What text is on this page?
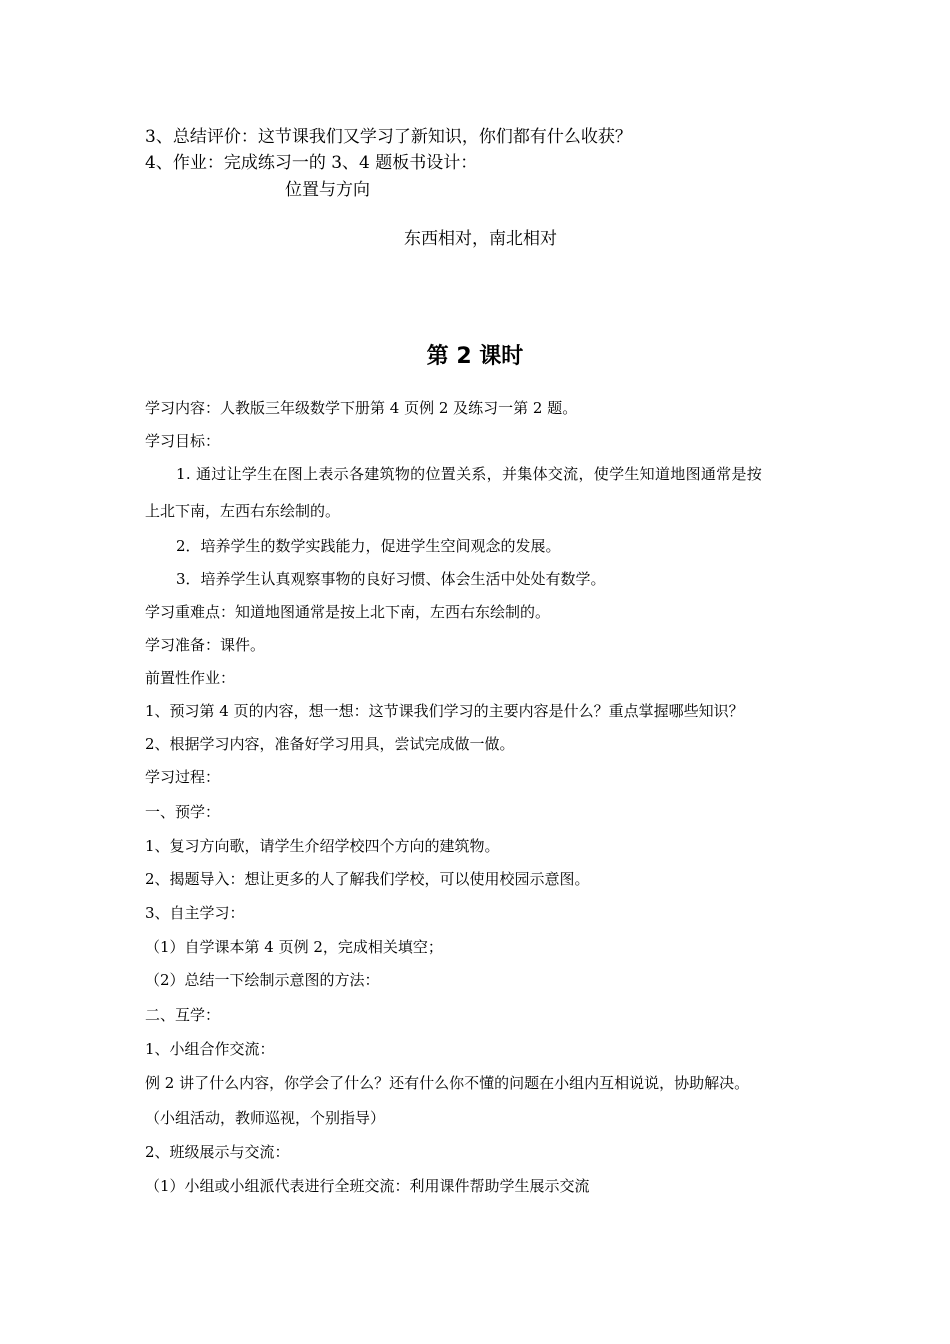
3、总结评价：这节课我们又学习了新知识，你们都有什么收获？
4、作业：完成练习一的 3、4 题板书设计：
位置与方向
东西相对，南北相对
第 2 课时
学习内容：人教版三年级数学下册第 4 页例 2 及练习一第 2 题。
学习目标：
1. 通过让学生在图上表示各建筑物的位置关系，并集体交流，使学生知道地图通常是按
上北下南，左西右东绘制的。
2．培养学生的数学实践能力，促进学生空间观念的发展。
3．培养学生认真观察事物的良好习惯、体会生活中处处有数学。
学习重难点：知道地图通常是按上北下南，左西右东绘制的。
学习准备：课件。
前置性作业：
1、预习第 4 页的内容，想一想：这节课我们学习的主要内容是什么？重点掌握哪些知识？
2、根据学习内容，准备好学习用具，尝试完成做一做。
学习过程：
一、预学：
1、复习方向歌，请学生介绍学校四个方向的建筑物。
2、揭题导入：想让更多的人了解我们学校，可以使用校园示意图。
3、自主学习：
（1）自学课本第 4 页例 2，完成相关填空；
（2）总结一下绘制示意图的方法：
二、互学：
1、小组合作交流：
例 2 讲了什么内容，你学会了什么？还有什么你不懂的问题在小组内互相说说，协助解决。
（小组活动，教师巡视，个别指导）
2、班级展示与交流：
（1）小组或小组派代表进行全班交流：利用课件帮助学生展示交流
